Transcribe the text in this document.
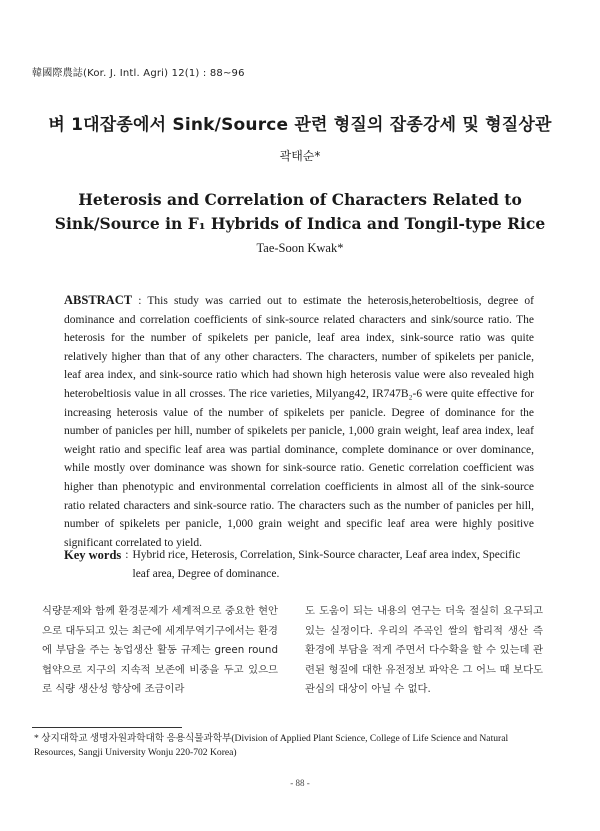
韓國際農誌(Kor. J. Intl. Agri) 12(1) : 88~96
벼 1대잡종에서 Sink/Source 관련 형질의 잡종강세 및 형질상관
곽태순*
Heterosis and Correlation of Characters Related to
Sink/Source in F₁ Hybrids of Indica and Tongil-type Rice
Tae-Soon Kwak*
ABSTRACT : This study was carried out to estimate the heterosis,heterobeltiosis, degree of dominance and correlation coefficients of sink-source related characters and sink/source ratio. The heterosis for the number of spikelets per panicle, leaf area index, sink-source ratio was quite relatively higher than that of any other characters. The characters, number of spikelets per panicle, leaf area index, and sink-source ratio which had shown high heterosis value were also revealed high heterobeltiosis value in all crosses. The rice varieties, Milyang42, IR747B₂-6 were quite effective for increasing heterosis value of the number of spikelets per panicle. Degree of dominance for the number of panicles per hill, number of spikelets per panicle, 1,000 grain weight, leaf area index, leaf weight ratio and specific leaf area was partial dominance, complete dominance or over dominance, while mostly over dominance was shown for sink-source ratio. Genetic correlation coefficient was higher than phenotypic and environmental correlation coefficients in almost all of the sink-source ratio related characters and sink-source ratio. The characters such as the number of panicles per hill, number of spikelets per panicle, 1,000 grain weight and specific leaf area were highly positive significant correlated to yield.
Key words : Hybrid rice, Heterosis, Correlation, Sink-Source character, Leaf area index, Specific leaf area, Degree of dominance.
식량문제와 함께 환경문제가 세계적으로 중요한 현안으로 대두되고 있는 최근에 세계무역기구에서는 환경에 부담을 주는 농업생산 활동 규제는 green round 협약으로 지구의 지속적 보존에 비중을 두고 있으므로 식량 생산성 향상에 조금이라
도 도움이 되는 내용의 연구는 더욱 절실히 요구되고 있는 실정이다. 우리의 주곡인 쌀의 합리적 생산 즉 환경에 부담을 적게 주면서 다수확을 할 수 있는데 관련된 형질에 대한 유전정보 파악은 그 어느 때 보다도 관심의 대상이 아닐 수 없다.
* 상지대학교 생명자원과학대학 응용식물과학부(Division of Applied Plant Science, College of Life Science and Natural Resources, Sangji University Wonju 220-702 Korea)
- 88 -
